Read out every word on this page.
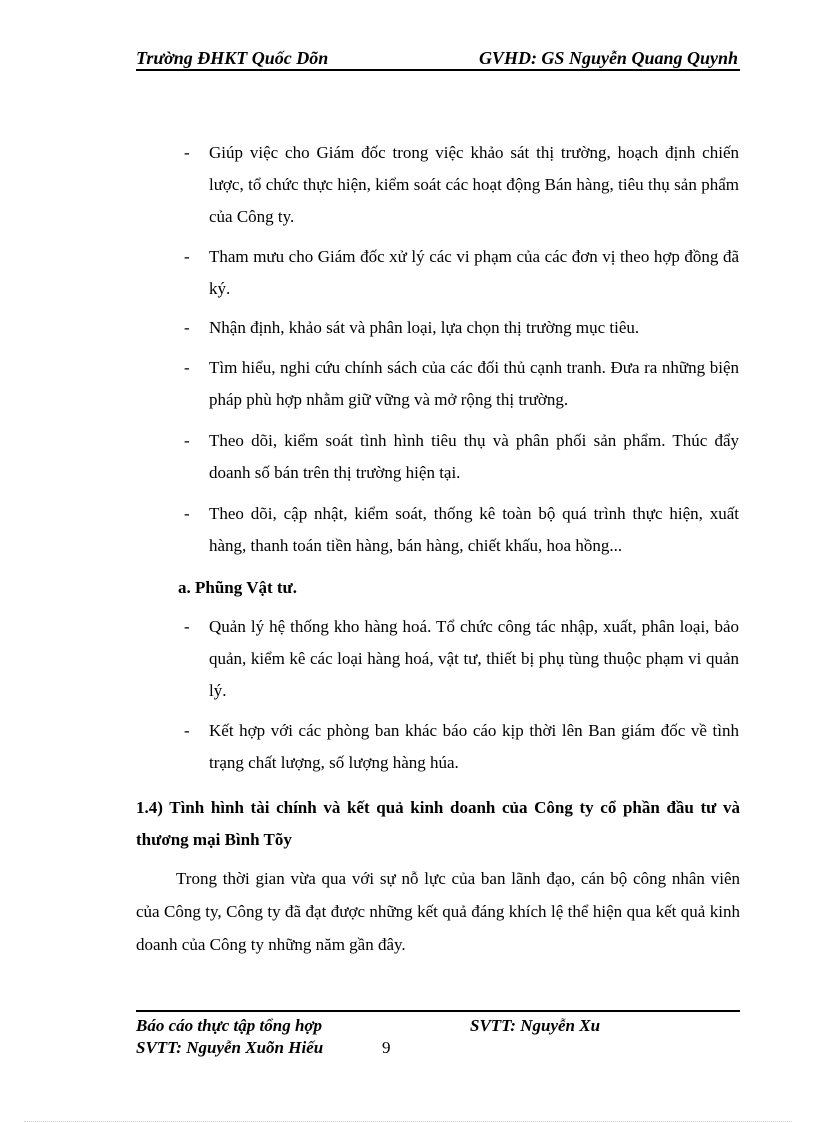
Trường ĐHKT Quốc Dõn	GVHD: GS Nguyễn Quang Quynh
- Giúp việc cho Giám đốc trong việc khảo sát thị trường, hoạch định chiến lược, tổ chức thực hiện, kiểm soát các hoạt động Bán hàng, tiêu thụ sản phẩm của Công ty.
- Tham mưu cho Giám đốc xử lý các vi phạm của các đơn vị theo hợp đồng đã ký.
- Nhận định, khảo sát và phân loại, lựa chọn thị trường mục tiêu.
- Tìm hiểu, nghi cứu chính sách của các đối thủ cạnh tranh. Đưa ra những biện pháp phù hợp nhằm giữ vững và mở rộng thị trường.
- Theo dõi, kiểm soát tình hình tiêu thụ và phân phối sản phẩm. Thúc đẩy doanh số bán trên thị trường hiện tại.
- Theo dõi, cập nhật, kiểm soát, thống kê toàn bộ quá trình thực hiện, xuất hàng, thanh toán tiền hàng, bán hàng, chiết khấu, hoa hồng...
a. Phũng Vật tư.
- Quản lý hệ thống kho hàng hoá. Tổ chức công tác nhập, xuất, phân loại, bảo quản, kiểm kê các loại hàng hoá, vật tư, thiết bị phụ tùng thuộc phạm vi quản lý.
- Kết hợp với các phòng ban khác báo cáo kịp thời lên Ban giám đốc về tình trạng chất lượng, số lượng hàng húa.
1.4) Tình hình tài chính và kết quả kinh doanh của Công ty cổ phần đầu tư và thương mại Bình Tõy
Trong thời gian vừa qua với sự nỗ lực của ban lãnh đạo, cán bộ công nhân viên của Công ty, Công ty đã đạt được những kết quả đáng khích lệ thể hiện qua kết quả kinh doanh của Công ty những năm gần đây.
Báo cáo thực tập tổng hợp	SVTT: Nguyễn Xu
SVTT: Nguyễn Xuõn Hiếu	9
